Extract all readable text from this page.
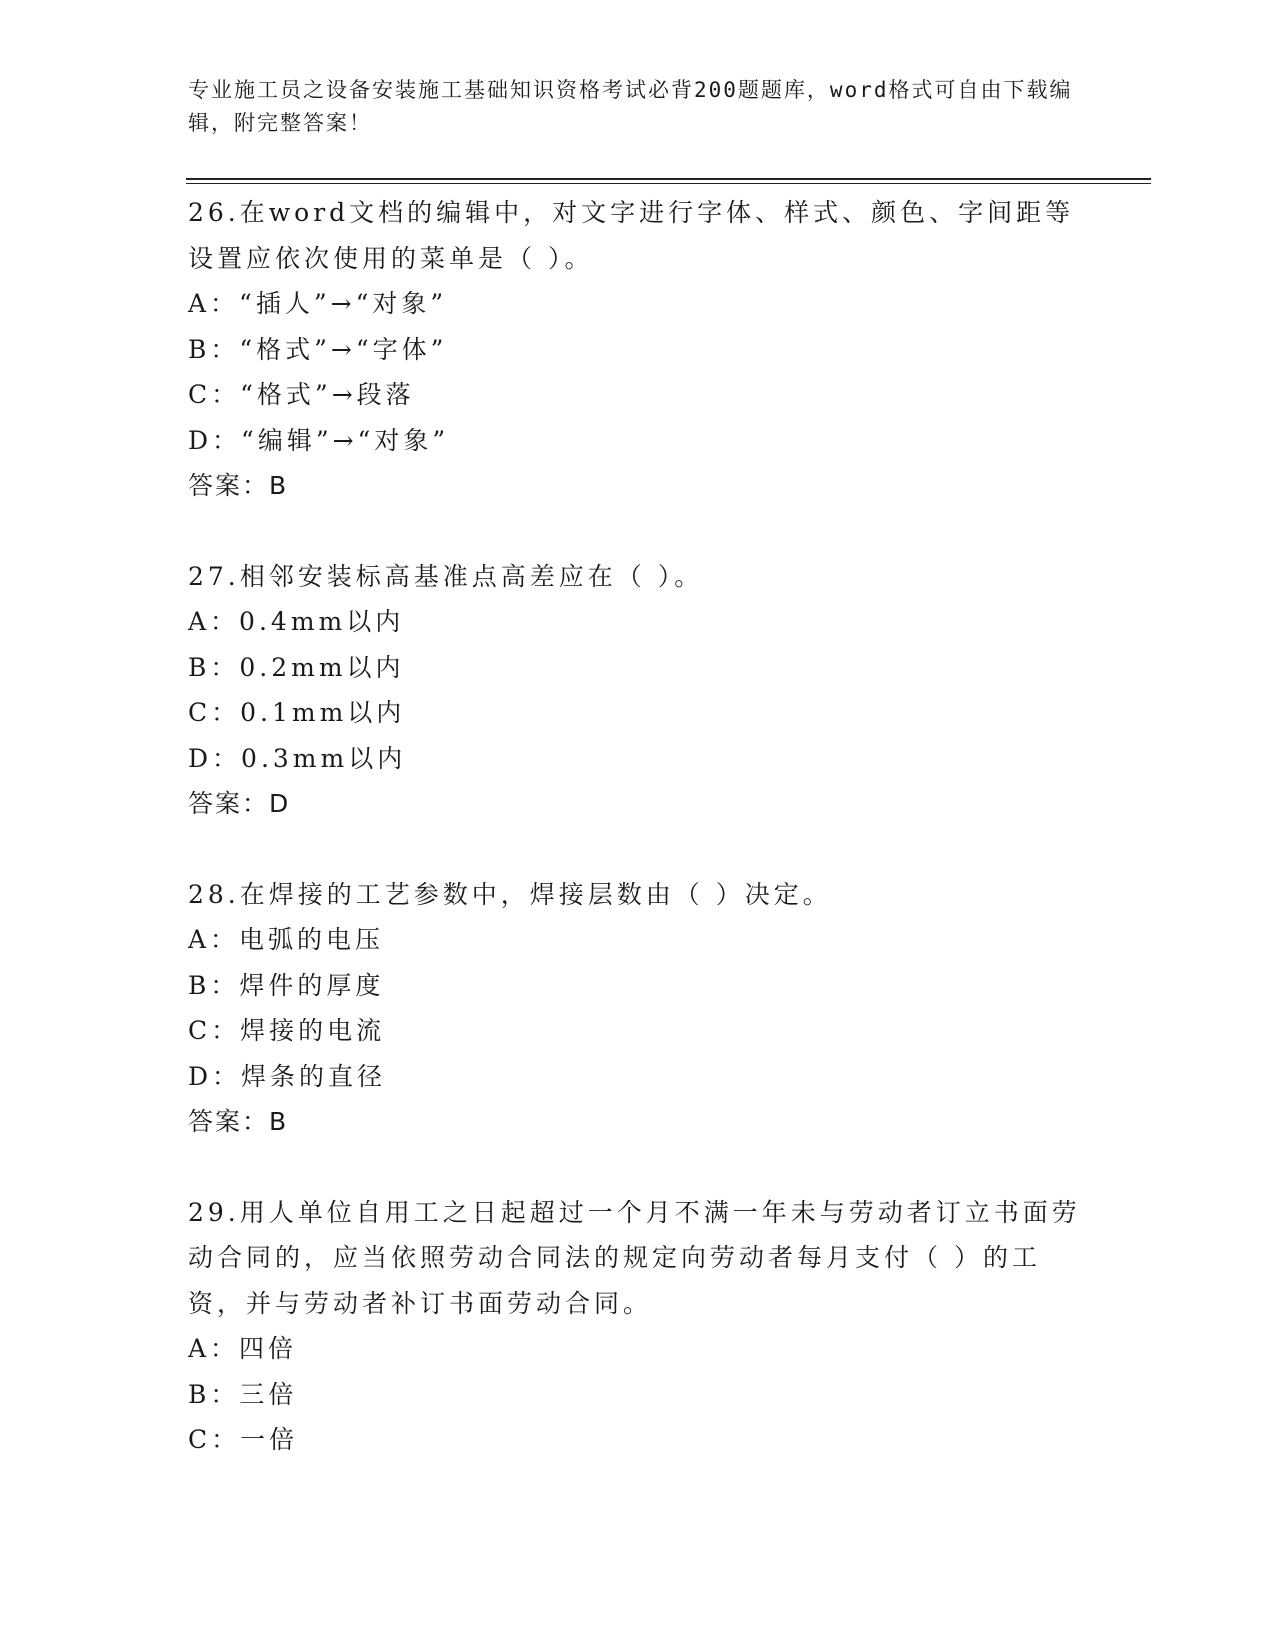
专业施工员之设备安装施工基础知识资格考试必背200题题库，word格式可自由下载编辑，附完整答案！
26.在word文档的编辑中，对文字进行字体、样式、颜色、字间距等设置应依次使用的菜单是（ ）。
A：“插人”→“对象”
B：“格式”→“字体”
C：“格式”→段落
D：“编辑”→“对象”
答案：B
27.相邻安装标高基准点高差应在（ ）。
A：0.4mm以内
B：0.2mm以内
C：0.1mm以内
D：0.3mm以内
答案：D
28.在焊接的工艺参数中，焊接层数由（ ）决定。
A：电弧的电压
B：焊件的厚度
C：焊接的电流
D：焊条的直径
答案：B
29.用人单位自用工之日起超过一个月不满一年未与劳动者订立书面劳动合同的，应当依照劳动合同法的规定向劳动者每月支付（ ）的工资，并与劳动者补订书面劳动合同。
A：四倍
B：三倍
C：一倍
